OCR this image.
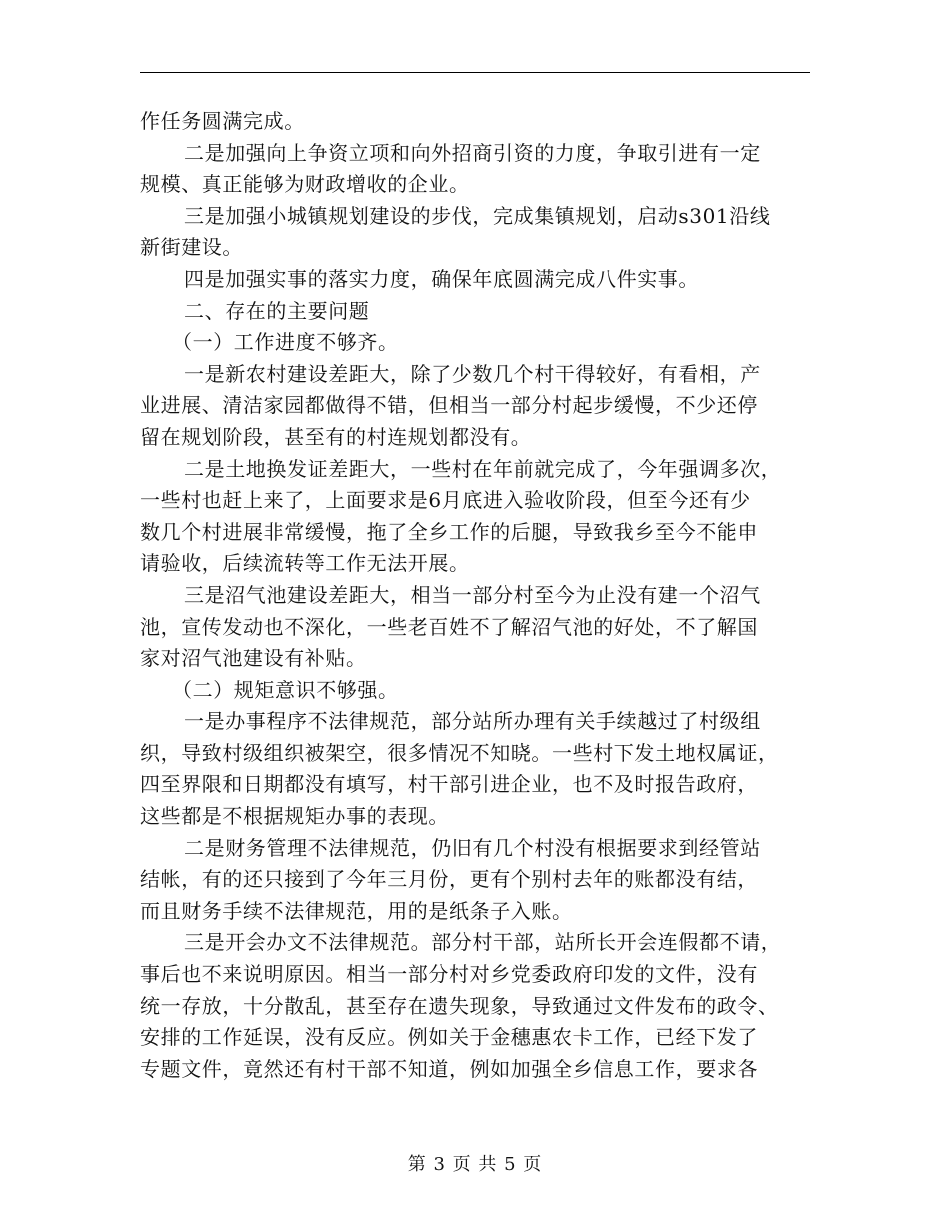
作任务圆满完成。
二是加强向上争资立项和向外招商引资的力度，争取引进有一定
规模、真正能够为财政增收的企业。
三是加强小城镇规划建设的步伐，完成集镇规划，启动s301沿线
新街建设。
四是加强实事的落实力度，确保年底圆满完成八件实事。
二、存在的主要问题
（一）工作进度不够齐。
一是新农村建设差距大，除了少数几个村干得较好，有看相，产
业进展、清洁家园都做得不错，但相当一部分村起步缓慢，不少还停
留在规划阶段，甚至有的村连规划都没有。
二是土地换发证差距大，一些村在年前就完成了，今年强调多次，
一些村也赶上来了，上面要求是6月底进入验收阶段，但至今还有少
数几个村进展非常缓慢，拖了全乡工作的后腿，导致我乡至今不能申
请验收，后续流转等工作无法开展。
三是沼气池建设差距大，相当一部分村至今为止没有建一个沼气
池，宣传发动也不深化，一些老百姓不了解沼气池的好处，不了解国
家对沼气池建设有补贴。
（二）规矩意识不够强。
一是办事程序不法律规范，部分站所办理有关手续越过了村级组
织，导致村级组织被架空，很多情况不知晓。一些村下发土地权属证，
四至界限和日期都没有填写，村干部引进企业，也不及时报告政府，
这些都是不根据规矩办事的表现。
二是财务管理不法律规范，仍旧有几个村没有根据要求到经管站
结帐，有的还只接到了今年三月份，更有个别村去年的账都没有结，
而且财务手续不法律规范，用的是纸条子入账。
三是开会办文不法律规范。部分村干部，站所长开会连假都不请，
事后也不来说明原因。相当一部分村对乡党委政府印发的文件，没有
统一存放，十分散乱，甚至存在遗失现象，导致通过文件发布的政令、
安排的工作延误，没有反应。例如关于金穗惠农卡工作，已经下发了
专题文件，竟然还有村干部不知道，例如加强全乡信息工作，要求各
第 3 页 共 5 页
